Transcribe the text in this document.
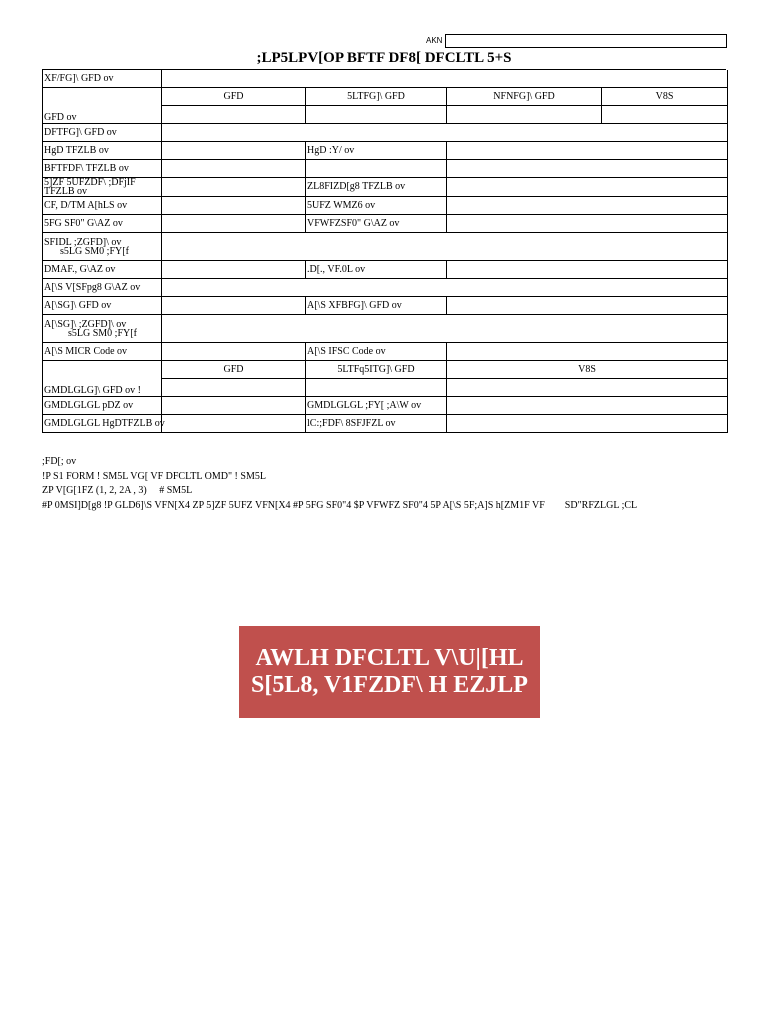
AKN
;LP5LPV[OP BFTF DF8[ DFCLTL 5+S
XF/FG]\ GFD ov				
GFD ov	GFD	5LTFG]\ GFD	NFNFG]\ GFD	V8S

DFTFG]\ GFD ov				
HgD TFZLB ov		HgD :Y/ ov		
BFTFDF\ TFZLB ov				
5]ZF 5UFZDF\ ;DFjIF
TFZLB ov		ZL8FIZD[g8 TFZLB ov		
CF, D/TM A[hLS ov		5UFZ WMZ6 ov		
5FG SF0" G\AZ ov		VFWFZSF0" G\AZ ov		
SFIDL ;ZGFD]\ ov
s5LG SM0 ;FY[f				

DMAF., G\AZ ov		.D[., VF.0L ov		
A[\S V[SFpg8 G\AZ ov				
A[\SG]\ GFD ov		A[\S XFBFG]\ GFD ov		
A[\SG]\ ;ZGFD]\ ov
s5LG SM0 ;FY[f				

A[\S MICR Code ov		A[\S IFSC Code ov		
GMDLGLG]\ GFD ov !	GFD	5LTFq5ITG]\ GFD	V8S	

GMDLGLGL pDZ ov		GMDLGLGL ;FY[ ;A\W ov		
GMDLGLGL HgDTFZLB ov		lC:;FDF\ 8SFJFZL ov		
;FD[; ov
!P S1 FORM ! SM5L VG[ VF DFCLTL OMD" ! SM5L
ZP V[G[1FZ (1, 2, 2A , 3)     # SM5L
#P 0MSI]D[g8 !P GLD6]\S VFN[X4 ZP 5]ZF 5UFZ VFN[X4 #P 5FG SF0"4 $P VFWFZ SF0"4 5P A[\S 5F;A]S h[ZM1F VF        SD"RFZLGL ;CL
AWLH DFCLTL V\U|[HL S[5L8, V1FZDF\ H EZJLP
